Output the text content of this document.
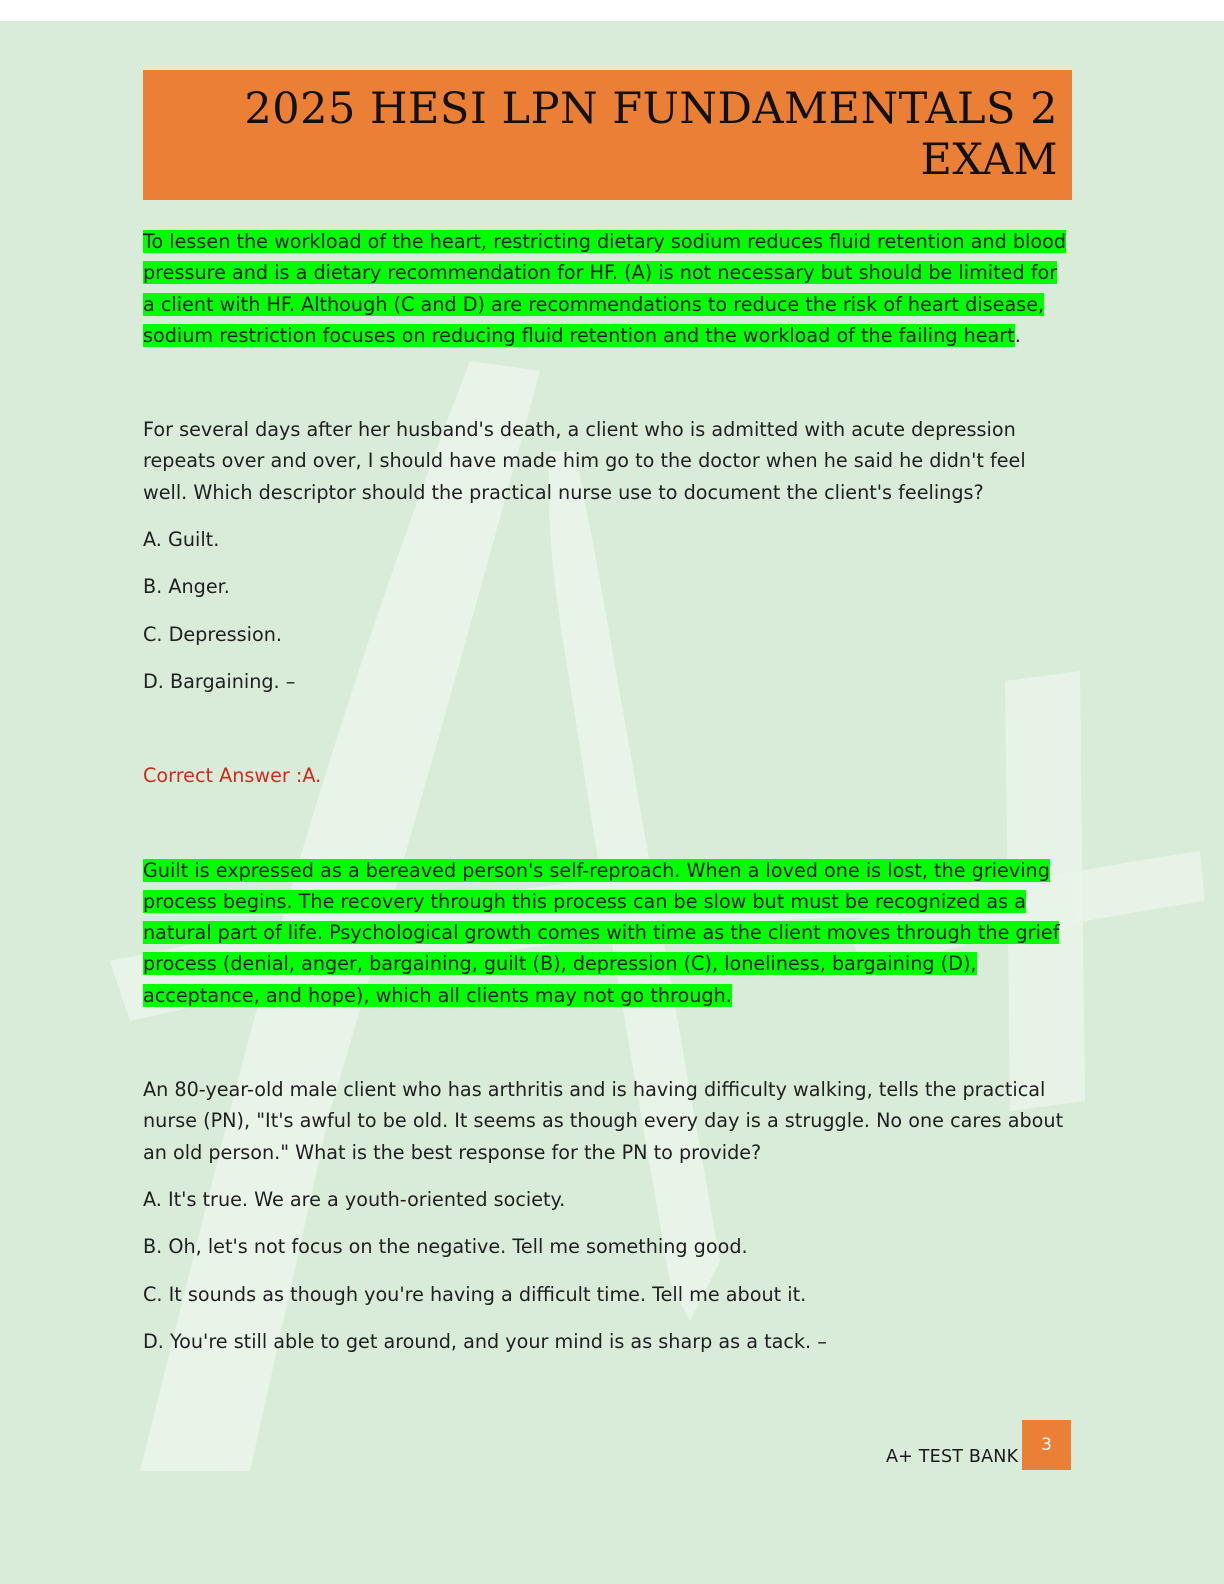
2025 HESI LPN FUNDAMENTALS 2
EXAM

To lessen the workload of the heart, restricting dietary sodium reduces fluid retention and blood pressure and is a dietary recommendation for HF. (A) is not necessary but should be limited for a client with HF. Although (C and D) are recommendations to reduce the risk of heart disease, sodium restriction focuses on reducing fluid retention and the workload of the failing heart.

For several days after her husband's death, a client who is admitted with acute depression repeats over and over, I should have made him go to the doctor when he said he didn't feel well. Which descriptor should the practical nurse use to document the client's feelings?

A. Guilt.

B. Anger.

C. Depression.

D. Bargaining. –

Correct Answer :A.

Guilt is expressed as a bereaved person's self-reproach. When a loved one is lost, the grieving process begins. The recovery through this process can be slow but must be recognized as a natural part of life. Psychological growth comes with time as the client moves through the grief process (denial, anger, bargaining, guilt (B), depression (C), loneliness, bargaining (D), acceptance, and hope), which all clients may not go through.

An 80-year-old male client who has arthritis and is having difficulty walking, tells the practical nurse (PN), "It's awful to be old. It seems as though every day is a struggle. No one cares about an old person." What is the best response for the PN to provide?

A. It's true. We are a youth-oriented society.

B. Oh, let's not focus on the negative. Tell me something good.

C. It sounds as though you're having a difficult time. Tell me about it.

D. You're still able to get around, and your mind is as sharp as a tack. –

A+ TEST BANK
3
